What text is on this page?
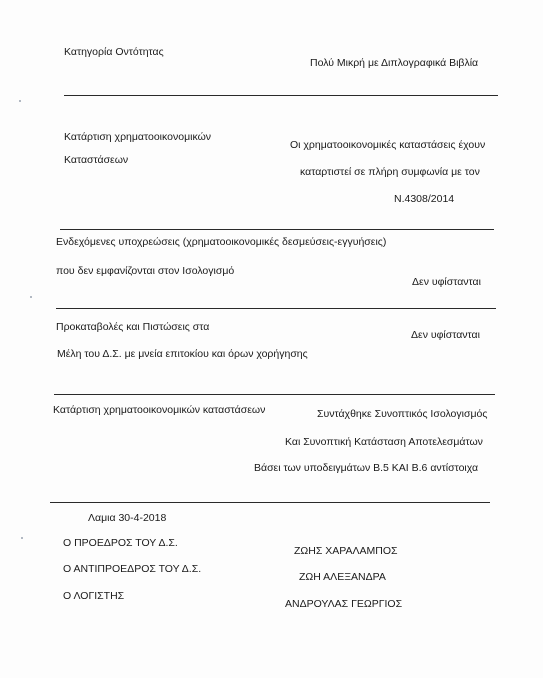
Κατηγορία Οντότητας
Πολύ Μικρή με Διπλογραφικά Βιβλία
Κατάρτιση χρηματοοικονομικών
Καταστάσεων
Οι χρηματοοικονομικές καταστάσεις έχουν
καταρτιστεί σε πλήρη συμφωνία με τον
Ν.4308/2014
Ενδεχόμενες υποχρεώσεις (χρηματοοικονομικές δεσμεύσεις-εγγυήσεις)
που δεν εμφανίζονται στον Ισολογισμό
Δεν υφίστανται
Προκαταβολές και Πιστώσεις στα
Μέλη του Δ.Σ. με μνεία επιτοκίου και όρων χορήγησης
Δεν υφίστανται
Κατάρτιση χρηματοοικονομικών καταστάσεων	Συντάχθηκε Συνοπτικός Ισολογισμός
Και Συνοπτική Κατάσταση Αποτελεσμάτων
Βάσει των υποδειγμάτων Β.5 ΚΑΙ Β.6 αντίστοιχα
Λαμια 30-4-2018
Ο ΠΡΟΕΔΡΟΣ ΤΟΥ Δ.Σ.
ΖΩΗΣ ΧΑΡΑΛΑΜΠΟΣ
Ο ΑΝΤΙΠΡΟΕΔΡΟΣ ΤΟΥ Δ.Σ.
ΖΩΗ ΑΛΕΞΑΝΔΡΑ
Ο ΛΟΓΙΣΤΗΣ
ΑΝΔΡΟΥΛΑΣ ΓΕΩΡΓΙΟΣ
